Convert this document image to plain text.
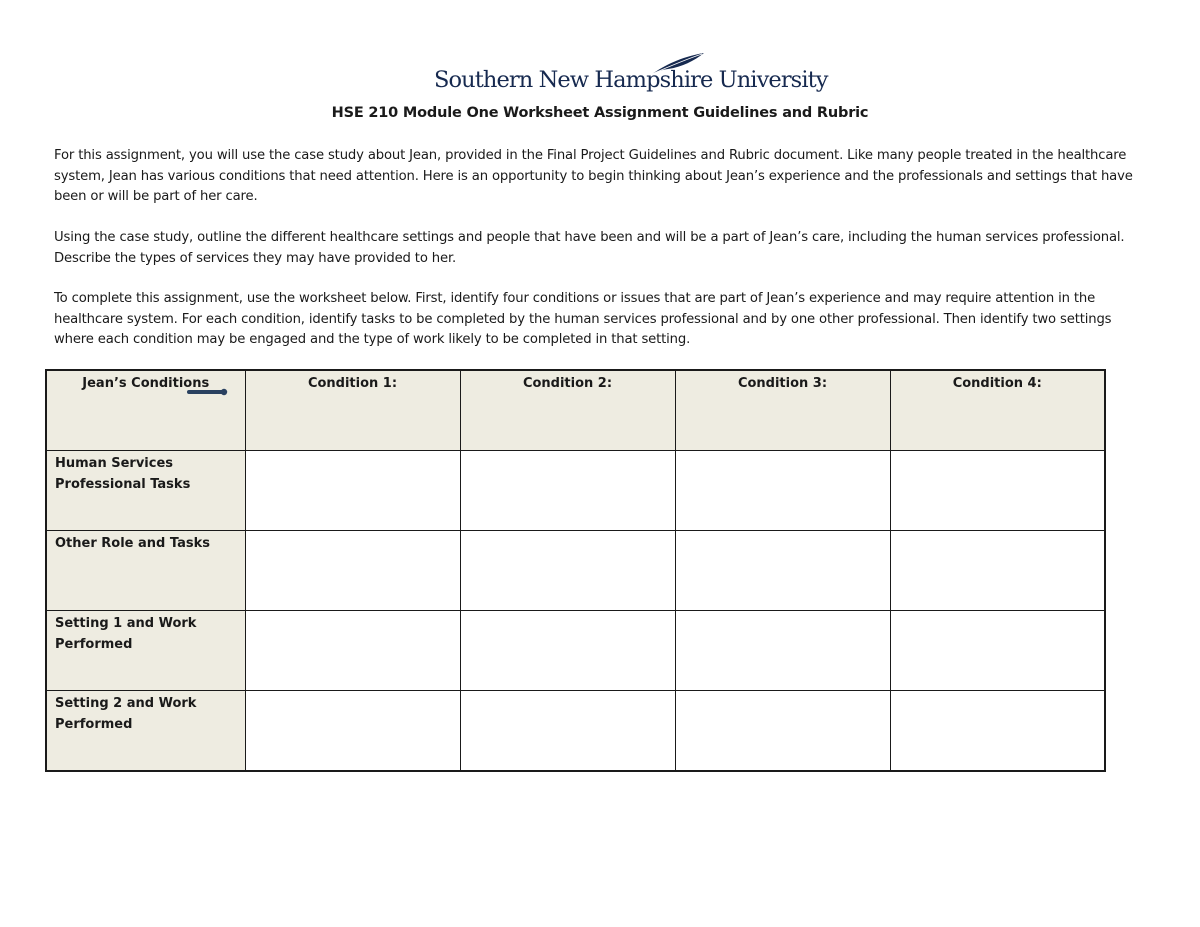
Southern New Hampshire University
HSE 210 Module One Worksheet Assignment Guidelines and Rubric

For this assignment, you will use the case study about Jean, provided in the Final Project Guidelines and Rubric document. Like many people treated in the healthcare system, Jean has various conditions that need attention. Here is an opportunity to begin thinking about Jean’s experience and the professionals and settings that have been or will be part of her care.

Using the case study, outline the different healthcare settings and people that have been and will be a part of Jean’s care, including the human services professional. Describe the types of services they may have provided to her.

To complete this assignment, use the worksheet below. First, identify four conditions or issues that are part of Jean’s experience and may require attention in the healthcare system. For each condition, identify tasks to be completed by the human services professional and by one other professional. Then identify two settings where each condition may be engaged and the type of work likely to be completed in that setting.

Jean’s Conditions	Condition 1:	Condition 2:	Condition 3:	Condition 4:
Human Services Professional Tasks				
Other Role and Tasks				
Setting 1 and Work Performed				
Setting 2 and Work Performed				
